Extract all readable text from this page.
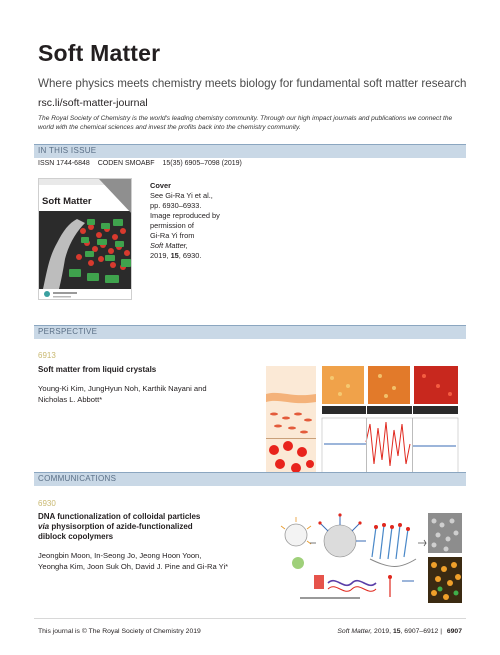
Soft Matter
Where physics meets chemistry meets biology for fundamental soft matter research
rsc.li/soft-matter-journal
The Royal Society of Chemistry is the world's leading chemistry community. Through our high impact journals and publications we connect the world with the chemical sciences and invest the profits back into the chemistry community.
IN THIS ISSUE
ISSN 1744-6848 CODEN SMOABF 15(35) 6905–7098 (2019)
Soft Matter
Cover
See Gi-Ra Yi et al.,
pp. 6930–6933.
Image reproduced by
permission of
Gi-Ra Yi from
Soft Matter,
2019, 15, 6930.
PERSPECTIVE
6913
Soft matter from liquid crystals
Young-Ki Kim, JungHyun Noh, Karthik Nayani and
Nicholas L. Abbott*
COMMUNICATIONS
6930
DNA functionalization of colloidal particles
via physisorption of azide-functionalized
diblock copolymers
Jeongbin Moon, In-Seong Jo, Jeong Hoon Yoon,
Yeongha Kim, Joon Suk Oh, David J. Pine and Gi-Ra Yi*
This journal is © The Royal Society of Chemistry 2019	Soft Matter, 2019, 15, 6907–6912 | 6907
